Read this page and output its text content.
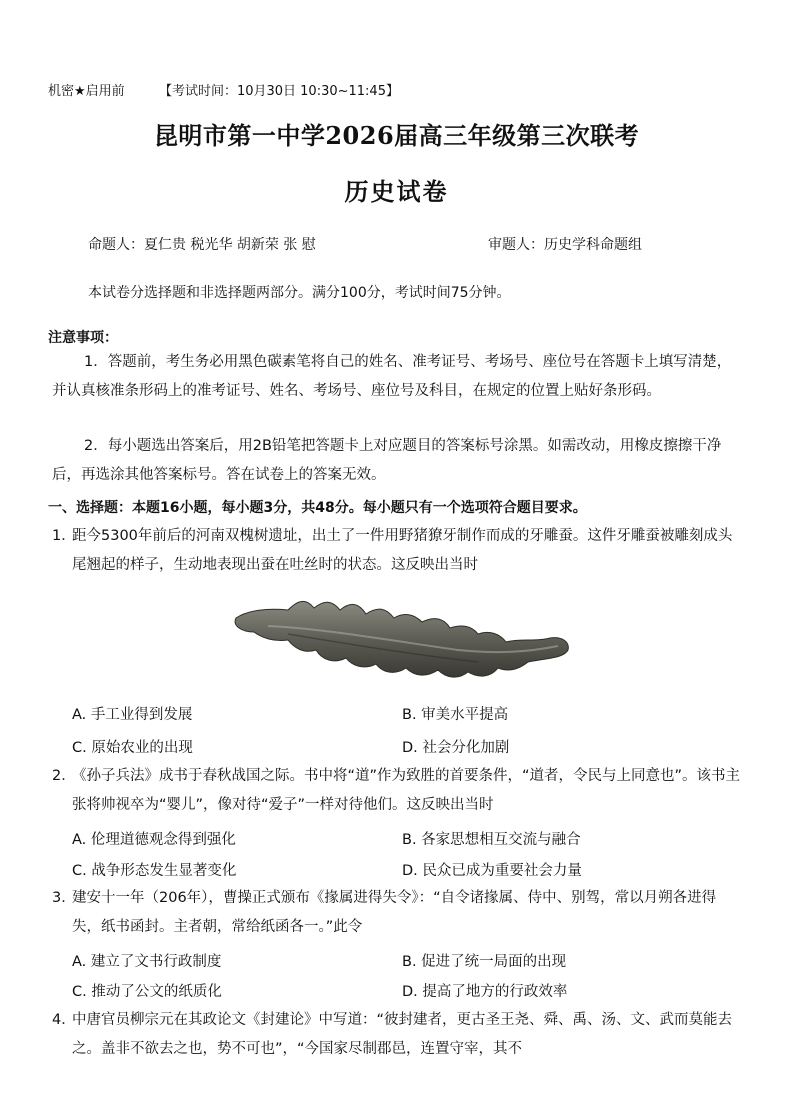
机密★启用前	【考试时间：10月30日 10:30~11:45】
昆明市第一中学2026届高三年级第三次联考
历史试卷
命题人：夏仁贵 税光华 胡新荣 张 慰	审题人：历史学科命题组
本试卷分选择题和非选择题两部分。满分100分，考试时间75分钟。
注意事项：
1．答题前，考生务必用黑色碳素笔将自己的姓名、准考证号、考场号、座位号在答题卡上填写清楚，并认真核准条形码上的准考证号、姓名、考场号、座位号及科目，在规定的位置上贴好条形码。
2．每小题选出答案后，用2B铅笔把答题卡上对应题目的答案标号涂黑。如需改动，用橡皮擦擦干净后，再选涂其他答案标号。答在试卷上的答案无效。
一、选择题：本题16小题，每小题3分，共48分。每小题只有一个选项符合题目要求。
1．
距今5300年前后的河南双槐树遗址，出土了一件用野猪獠牙制作而成的牙雕蚕。这件牙雕蚕被雕刻成头尾翘起的样子，生动地表现出蚕在吐丝时的状态。这反映出当时
A. 手工业得到发展	B. 审美水平提高
C. 原始农业的出现	D. 社会分化加剧
2．
《孙子兵法》成书于春秋战国之际。书中将“道”作为致胜的首要条件，“道者，令民与上同意也”。该书主张将帅视卒为“婴儿”，像对待“爱子”一样对待他们。这反映出当时
A. 伦理道德观念得到强化	B. 各家思想相互交流与融合
C. 战争形态发生显著变化	D. 民众已成为重要社会力量
3．
建安十一年（206年），曹操正式颁布《掾属进得失令》：“自令诸掾属、侍中、别驾，常以月朔各进得失，纸书函封。主者朝，常给纸函各一。”此令
A. 建立了文书行政制度	B. 促进了统一局面的出现
C. 推动了公文的纸质化	D. 提高了地方的行政效率
4．
中唐官员柳宗元在其政论文《封建论》中写道：“彼封建者，更古圣王尧、舜、禹、汤、文、武而莫能去之。盖非不欲去之也，势不可也”，“今国家尽制郡邑，连置守宰，其不
